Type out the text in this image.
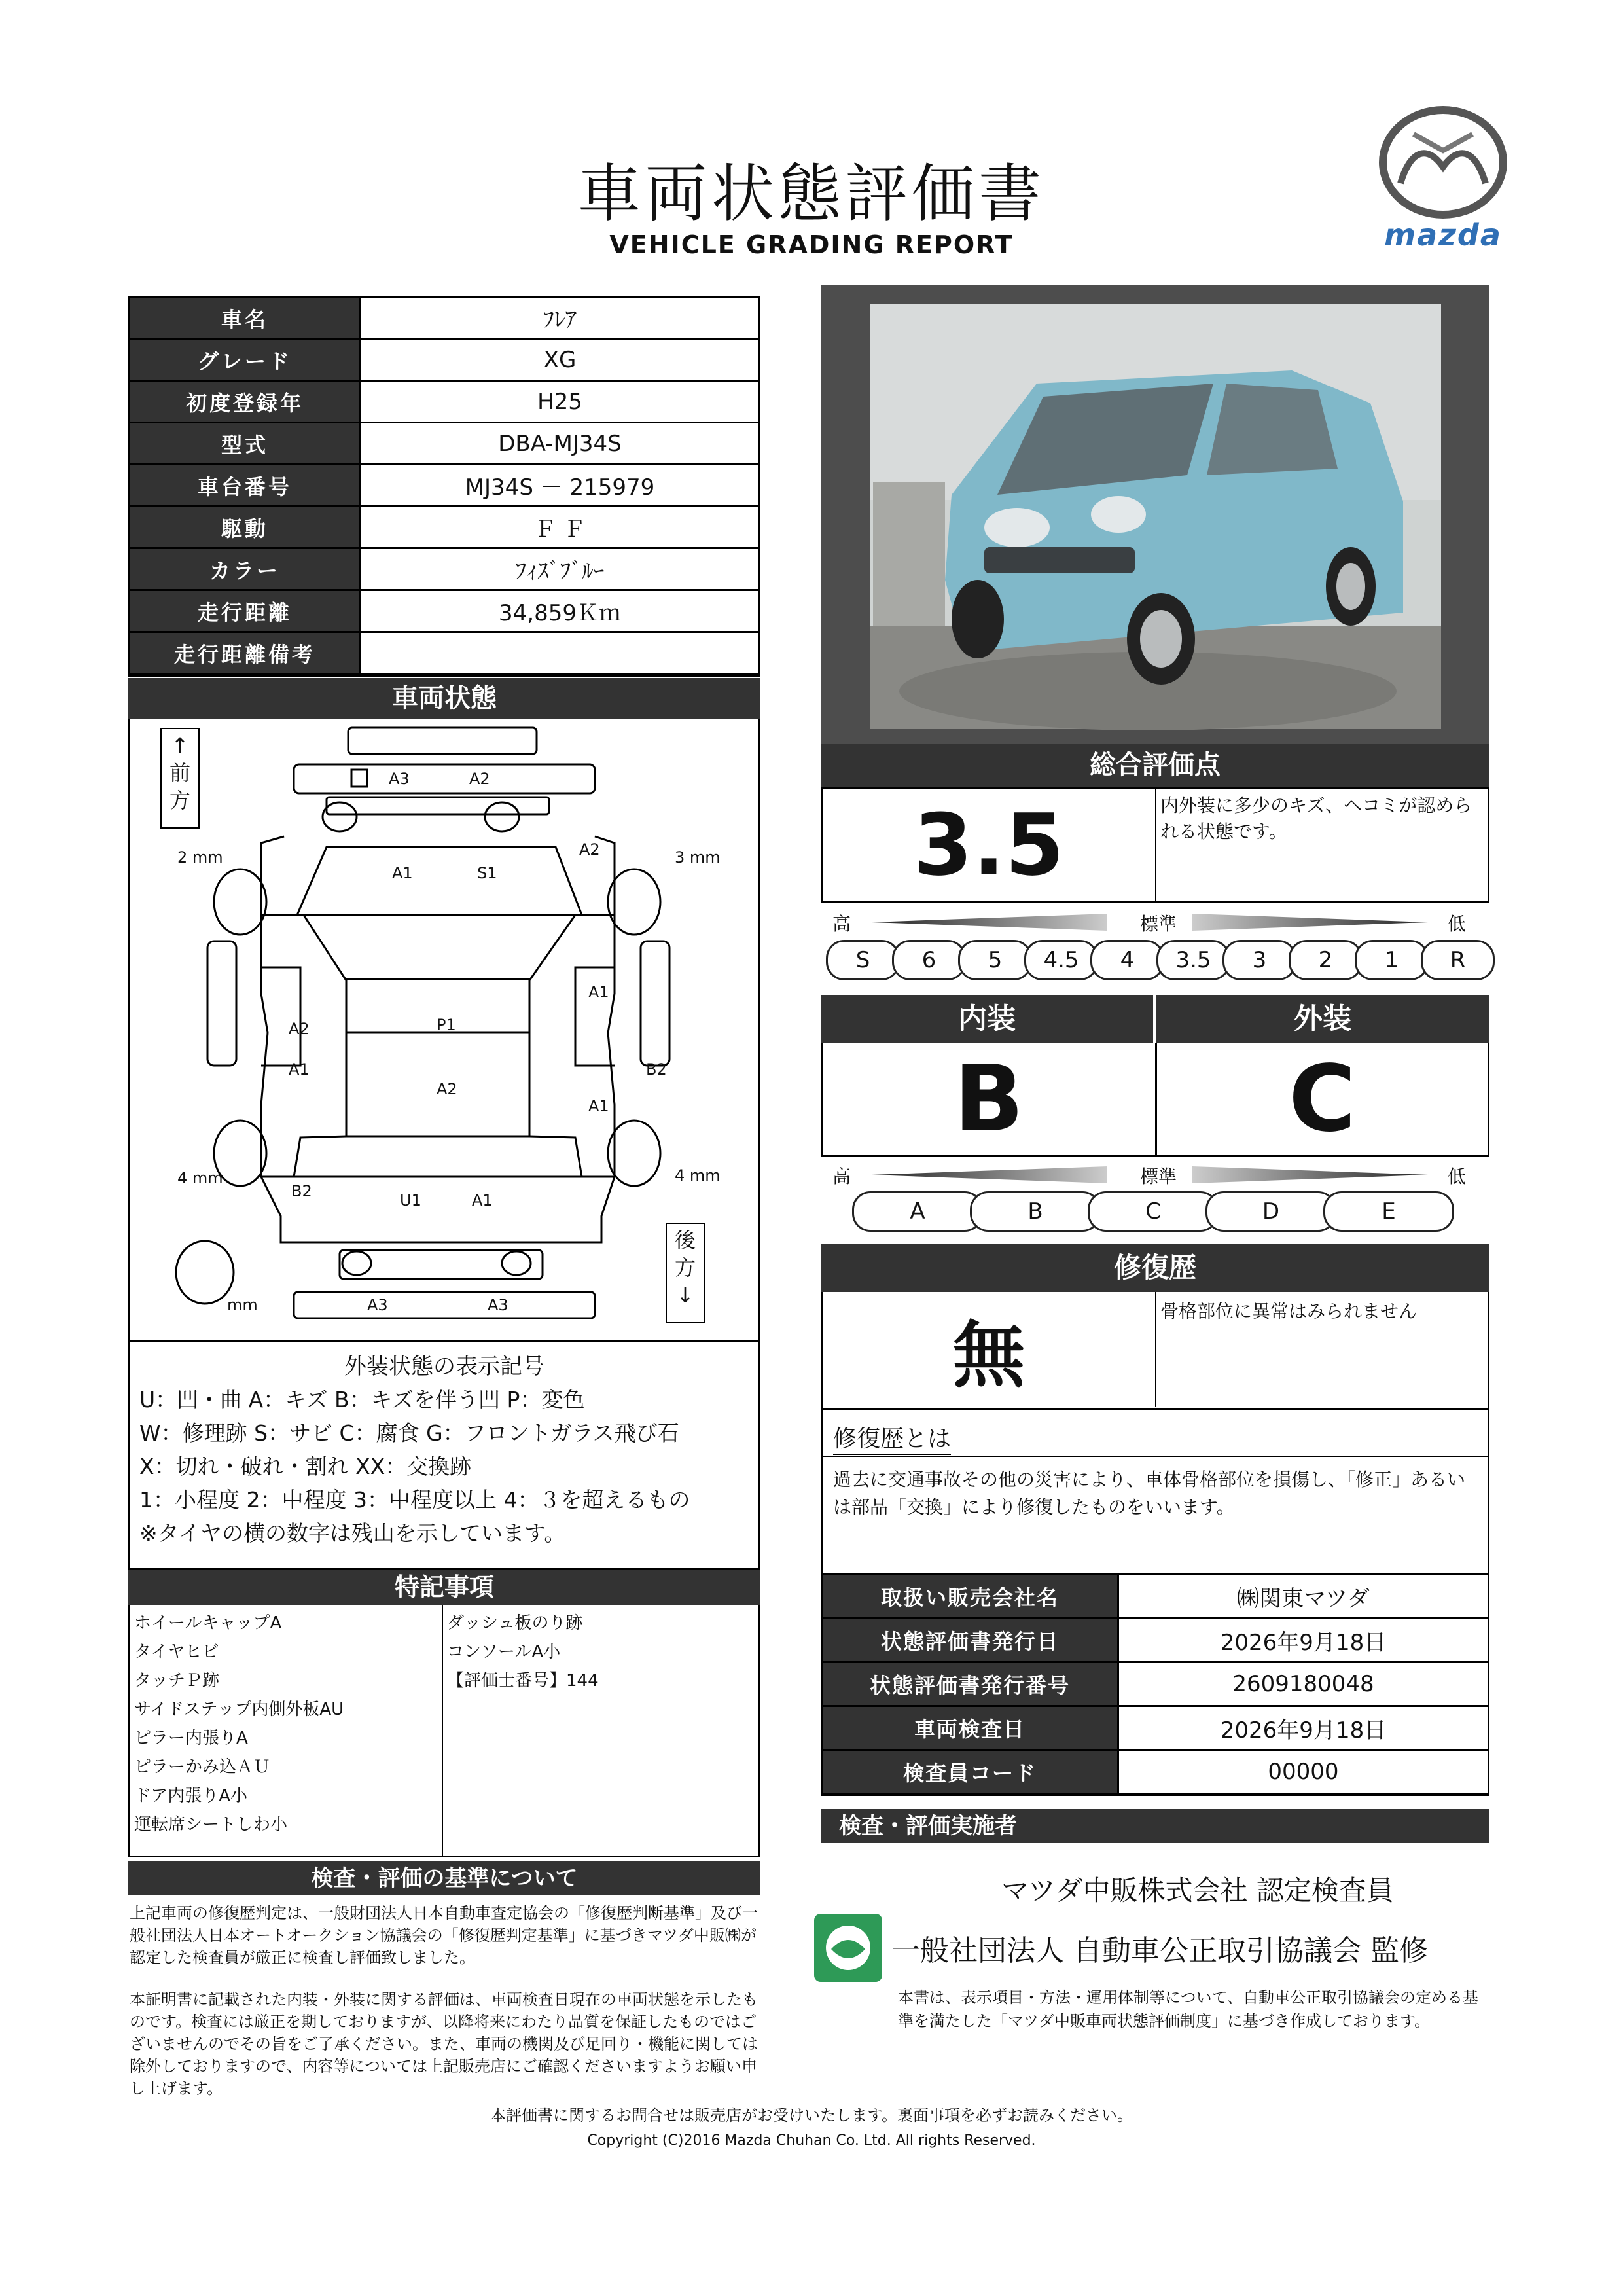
車両状態評価書
VEHICLE GRADING REPORT	mazda
車名	ﾌﾚｱ
グレード	XG
初度登録年	H25
型式	DBA-MJ34S
車台番号	MJ34S － 215979
駆動	Ｆ Ｆ
カラー	ﾌｨｽﾞﾌﾞﾙｰ
走行距離	34,859Ｋｍ
走行距離備考
車両状態
↑ 前 方
後 方 ↓
A3	A2
A1	S1
A2
2 mm	3 mm
4 mm	4 mm
mm
A2
A1
P1
A2
A1
B2
A1
B2	U1	A1
A3	A3
外装状態の表示記号
U：凹・曲 A：キズ B：キズを伴う凹 P：変色
W：修理跡 S：サビ C：腐食 G：フロントガラス飛び石
X：切れ・破れ・割れ XX：交換跡
1：小程度 2：中程度 3：中程度以上 4：３を超えるもの
※タイヤの横の数字は残山を示しています。
特記事項
ホイールキャップA
タイヤヒビ
タッチＰ跡
サイドステップ内側外板AU
ピラー内張りA
ピラーかみ込ＡＵ
ドア内張りA小
運転席シートしわ小
ダッシュ板のり跡
コンソールA小
【評価士番号】144
検査・評価の基準について
上記車両の修復歴判定は、一般財団法人日本自動車査定協会の「修復歴判断基準」及び一般社団法人日本オートオークション協議会の「修復歴判定基準」に基づきマツダ中販㈱が認定した検査員が厳正に検査し評価致しました。
本証明書に記載された内装・外装に関する評価は、車両検査日現在の車両状態を示したものです。検査には厳正を期しておりますが、以降将来にわたり品質を保証したものではございませんのでその旨をご了承ください。また、車両の機関及び足回り・機能に関しては除外しておりますので、内容等については上記販売店にご確認くださいますようお願い申し上げます。
総合評価点
3.5	内外装に多少のキズ、ヘコミが認められる状態です。
高	標準	低
S	6	5	4.5	4	3.5	3	2	1	R
内装	外装
B	C
高	標準	低
A	B	C	D	E
修復歴
無
骨格部位に異常はみられません
修復歴とは
過去に交通事故その他の災害により、車体骨格部位を損傷し、「修正」あるいは部品「交換」により修復したものをいいます。
取扱い販売会社名	㈱関東マツダ
状態評価書発行日	2026年9月18日
状態評価書発行番号	2609180048
車両検査日	2026年9月18日
検査員コード	00000
検査・評価実施者
マツダ中販株式会社 認定検査員
一般社団法人 自動車公正取引協議会 監修
本書は、表示項目・方法・運用体制等について、自動車公正取引協議会の定める基準を満たした「マツダ中販車両状態評価制度」に基づき作成しております。
本評価書に関するお問合せは販売店がお受けいたします。裏面事項を必ずお読みください。
Copyright (C)2016 Mazda Chuhan Co. Ltd. All rights Reserved.
